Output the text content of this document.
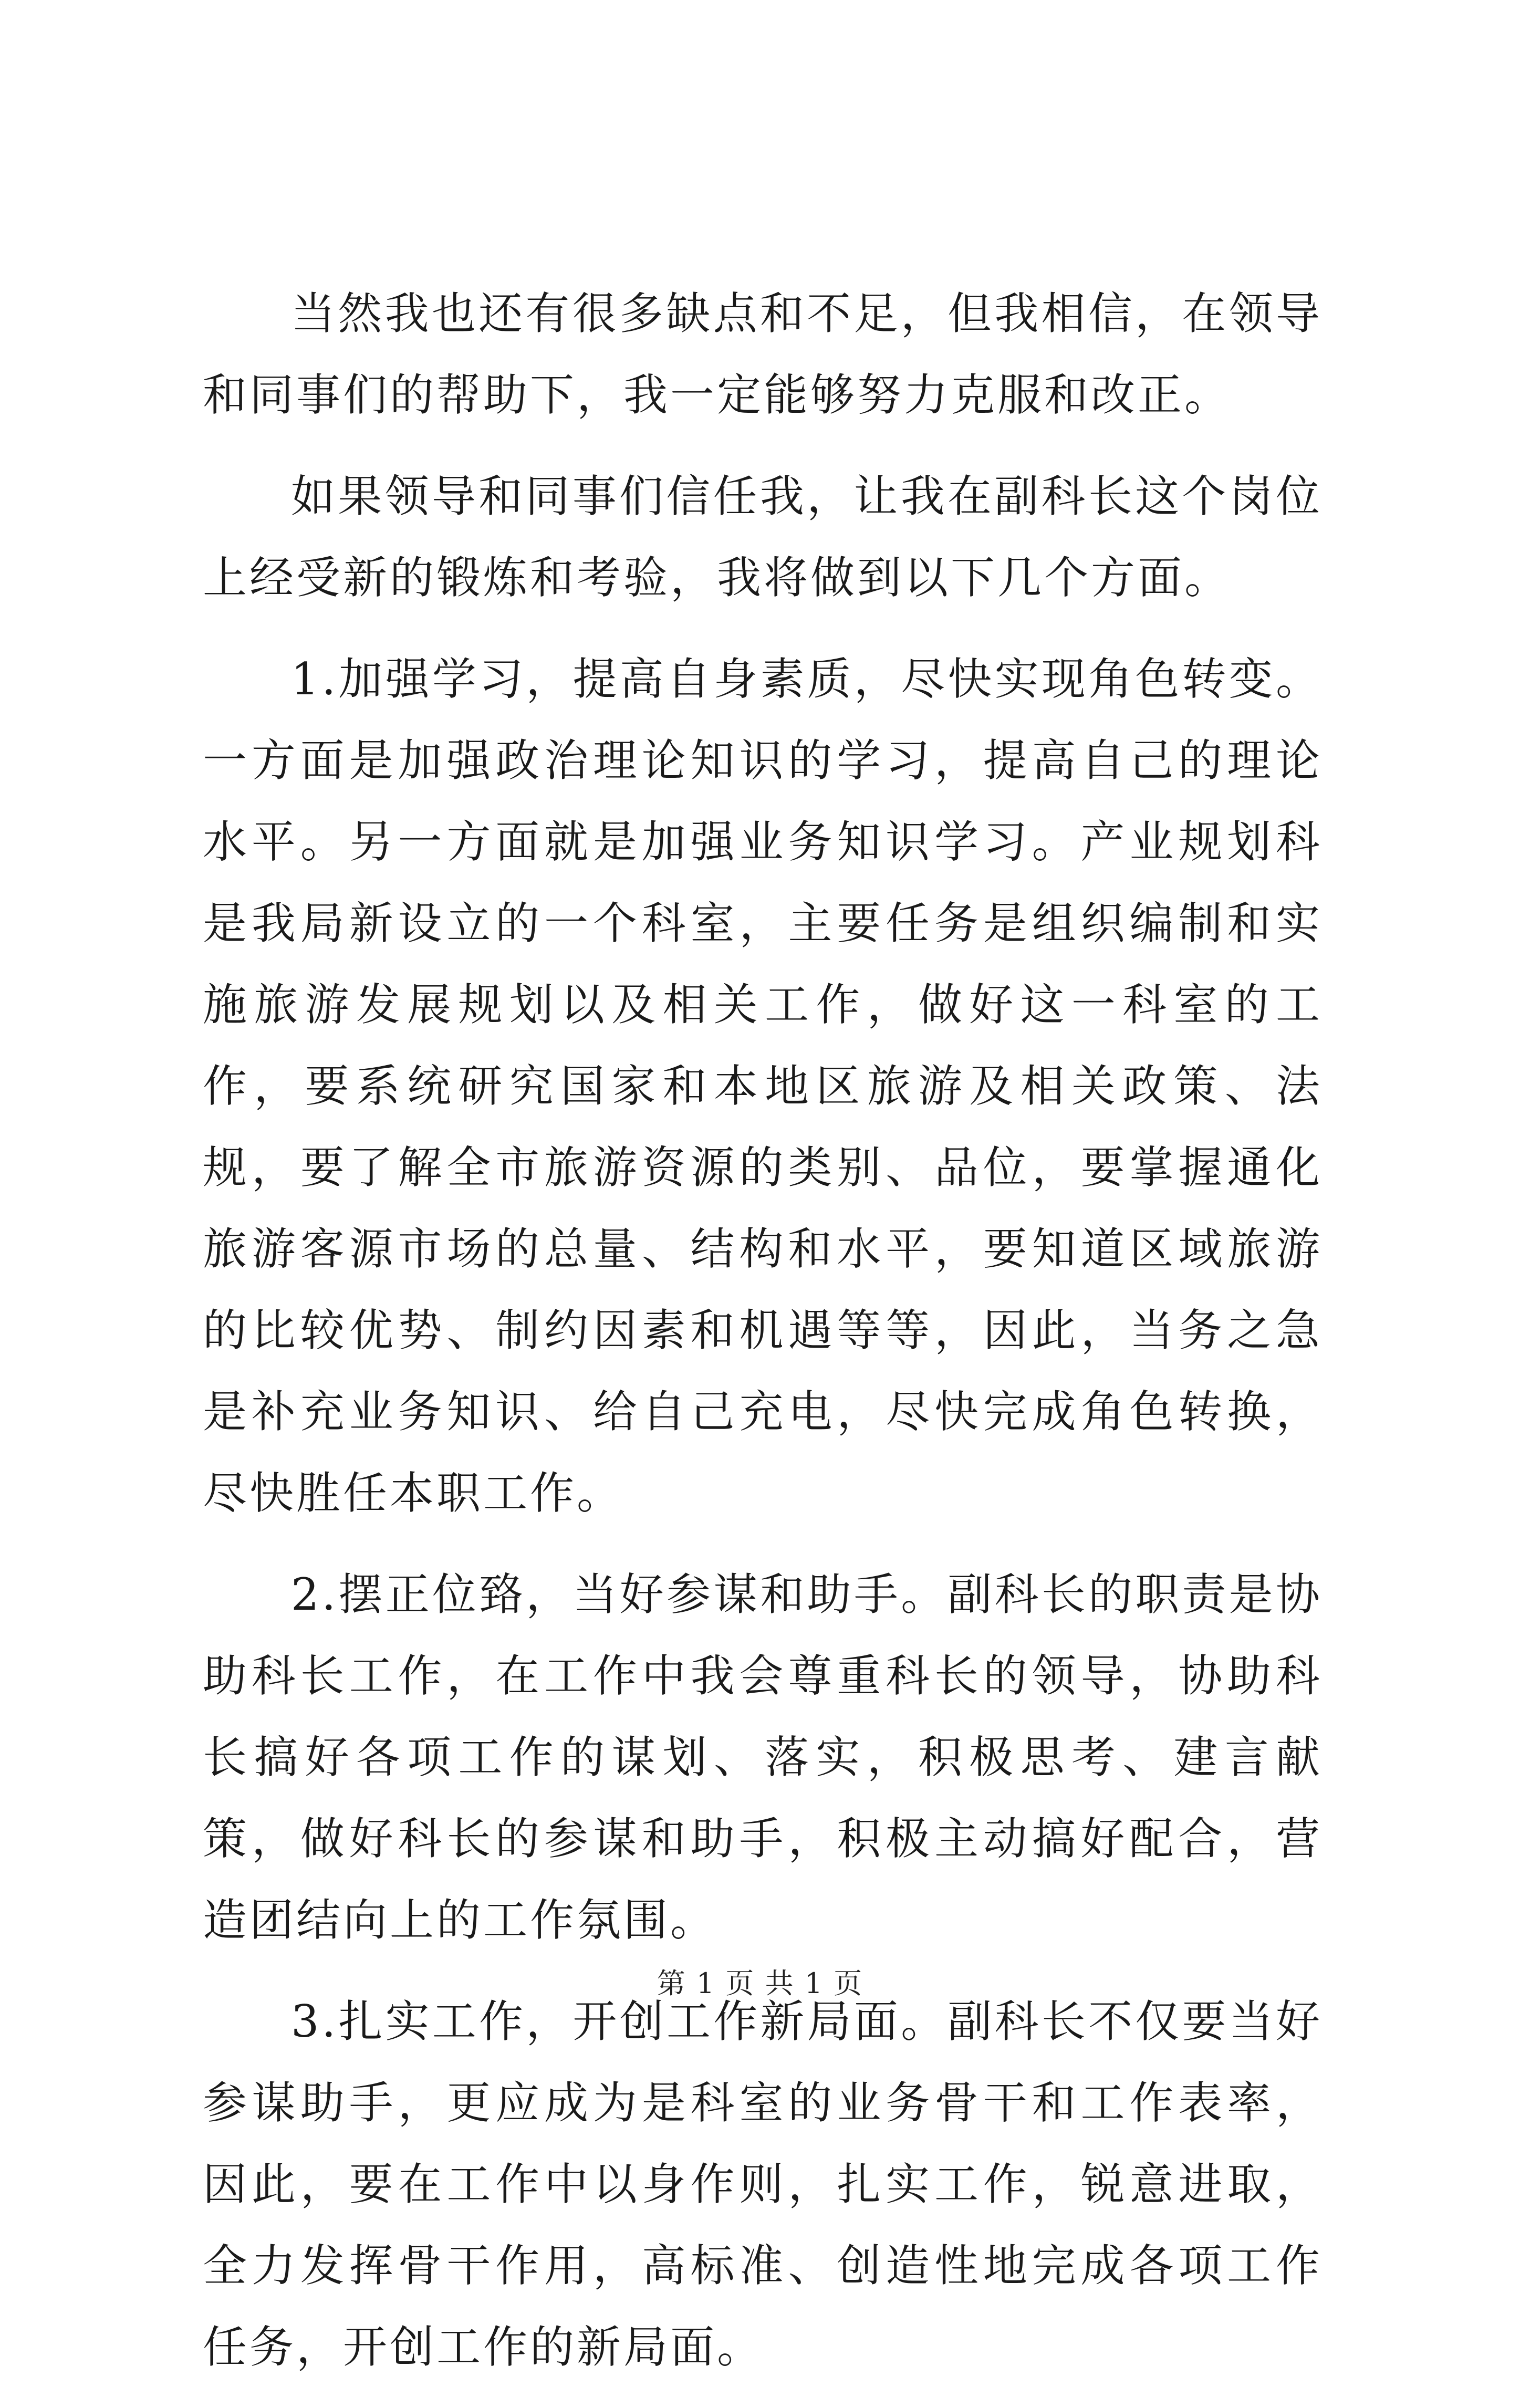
当然我也还有很多缺点和不足，但我相信，在领导和同事们的帮助下，我一定能够努力克服和改正。

如果领导和同事们信任我，让我在副科长这个岗位上经受新的锻炼和考验，我将做到以下几个方面。

1.加强学习，提高自身素质，尽快实现角色转变。一方面是加强政治理论知识的学习，提高自己的理论水平。另一方面就是加强业务知识学习。产业规划科是我局新设立的一个科室，主要任务是组织编制和实施旅游发展规划以及相关工作，做好这一科室的工作，要系统研究国家和本地区旅游及相关政策、法规，要了解全市旅游资源的类别、品位，要掌握通化旅游客源市场的总量、结构和水平，要知道区域旅游的比较优势、制约因素和机遇等等，因此，当务之急是补充业务知识、给自己充电，尽快完成角色转换，尽快胜任本职工作。

2.摆正位臵，当好参谋和助手。副科长的职责是协助科长工作，在工作中我会尊重科长的领导，协助科长搞好各项工作的谋划、落实，积极思考、建言献策，做好科长的参谋和助手，积极主动搞好配合，营造团结向上的工作氛围。

3.扎实工作，开创工作新局面。副科长不仅要当好参谋助手，更应成为是科室的业务骨干和工作表率，因此，要在工作中以身作则，扎实工作，锐意进取，全力发挥骨干作用，高标准、创造性地完成各项工作任务，开创工作的新局面。

第 1 页 共 1 页
